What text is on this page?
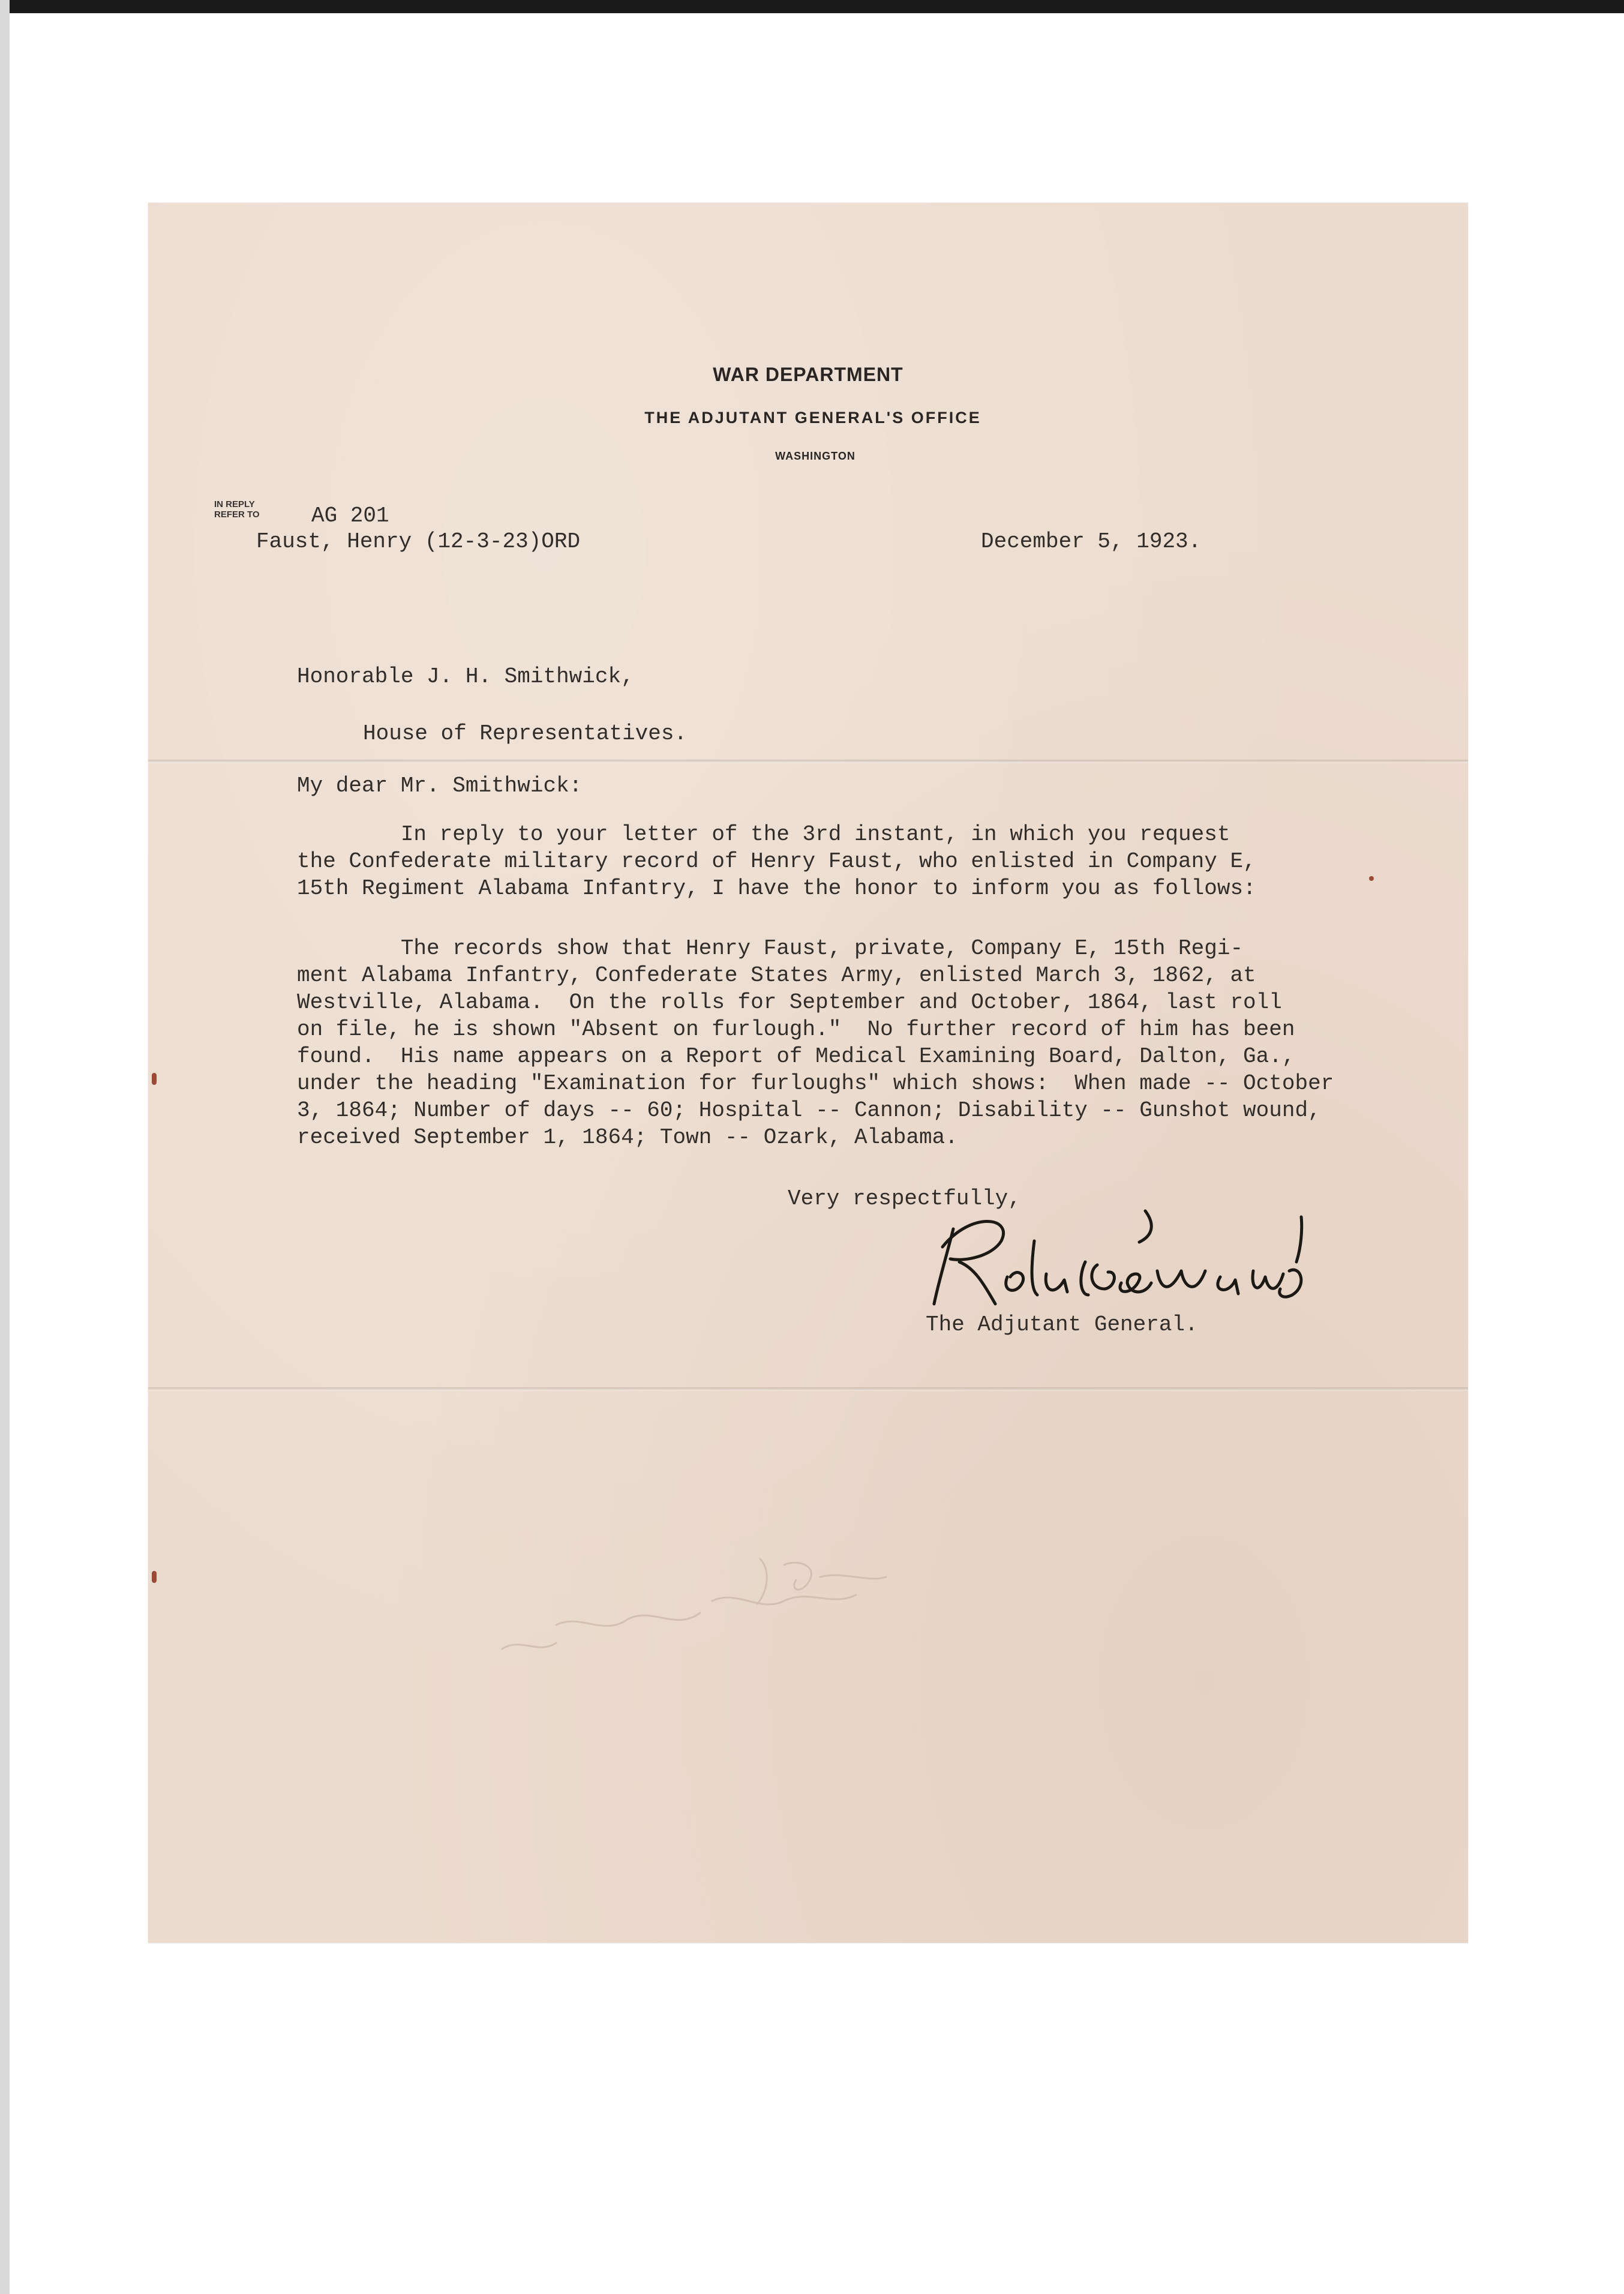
WAR DEPARTMENT
THE ADJUTANT GENERAL'S OFFICE
WASHINGTON
IN REPLY
REFER TO	AG 201
Faust, Henry (12-3-23)ORD	December 5, 1923.
Honorable J. H. Smithwick,
House of Representatives.
My dear Mr. Smithwick:
In reply to your letter of the 3rd instant, in which you request
the Confederate military record of Henry Faust, who enlisted in Company E,
15th Regiment Alabama Infantry, I have the honor to inform you as follows:
The records show that Henry Faust, private, Company E, 15th Regi-
ment Alabama Infantry, Confederate States Army, enlisted March 3, 1862, at
Westville, Alabama.  On the rolls for September and October, 1864, last roll
on file, he is shown "Absent on furlough."  No further record of him has been
found.  His name appears on a Report of Medical Examining Board, Dalton, Ga.,
under the heading "Examination for furloughs" which shows:  When made -- October
3, 1864; Number of days -- 60; Hospital -- Cannon; Disability -- Gunshot wound,
received September 1, 1864; Town -- Ozark, Alabama.
Very respectfully,
The Adjutant General.
